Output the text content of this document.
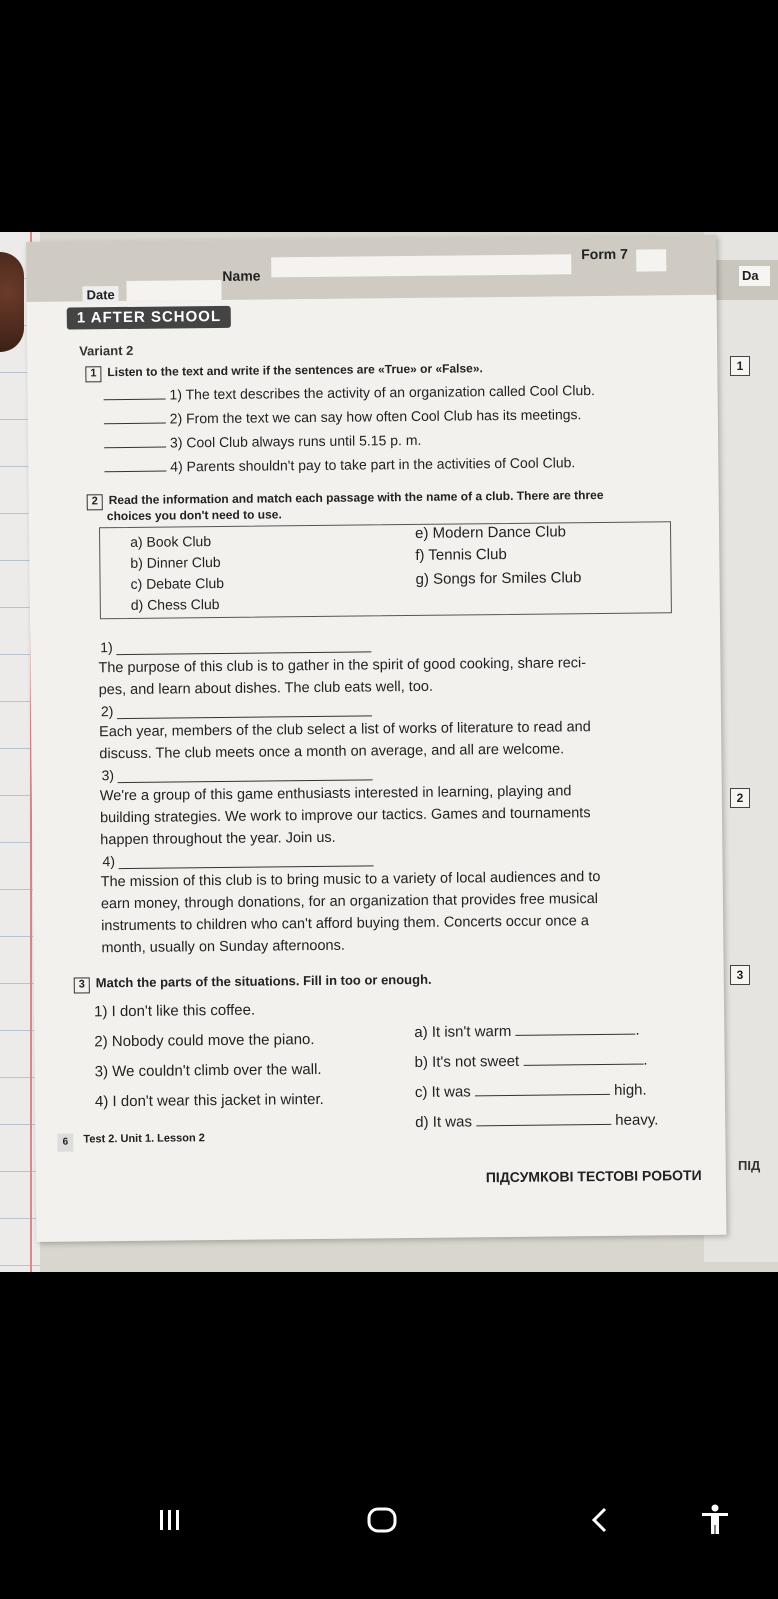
Da
1
2
3
ПІД
Date
Name
Form 7
1 AFTER SCHOOL
Variant 2
1 Listen to the text and write if the sentences are «True» or «False».
1) The text describes the activity of an organization called Cool Club.
2) From the text we can say how often Cool Club has its meetings.
3) Cool Club always runs until 5.15 p. m.
4) Parents shouldn't pay to take part in the activities of Cool Club.
2 Read the information and match each passage with the name of a club. There are three
choices you don't need to use.
a) Book Club
b) Dinner Club
c) Debate Club
d) Chess Club
e) Modern Dance Club
f) Tennis Club
g) Songs for Smiles Club
1)
The purpose of this club is to gather in the spirit of good cooking, share reci-
pes, and learn about dishes. The club eats well, too.
2)
Each year, members of the club select a list of works of literature to read and
discuss. The club meets once a month on average, and all are welcome.
3)
We're a group of this game enthusiasts interested in learning, playing and
building strategies. We work to improve our tactics. Games and tournaments
happen throughout the year. Join us.
4)
The mission of this club is to bring music to a variety of local audiences and to
earn money, through donations, for an organization that provides free musical
instruments to children who can't afford buying them. Concerts occur once a
month, usually on Sunday afternoons.
3 Match the parts of the situations. Fill in too or enough.
1) I don't like this coffee.
2) Nobody could move the piano.
3) We couldn't climb over the wall.
4) I don't wear this jacket in winter.
a) It isn't warm	.
b) It's not sweet	.
c) It was	high.
d) It was	heavy.
6	Test 2. Unit 1. Lesson 2
ПІДСУМКОВІ ТЕСТОВІ РОБОТИ
